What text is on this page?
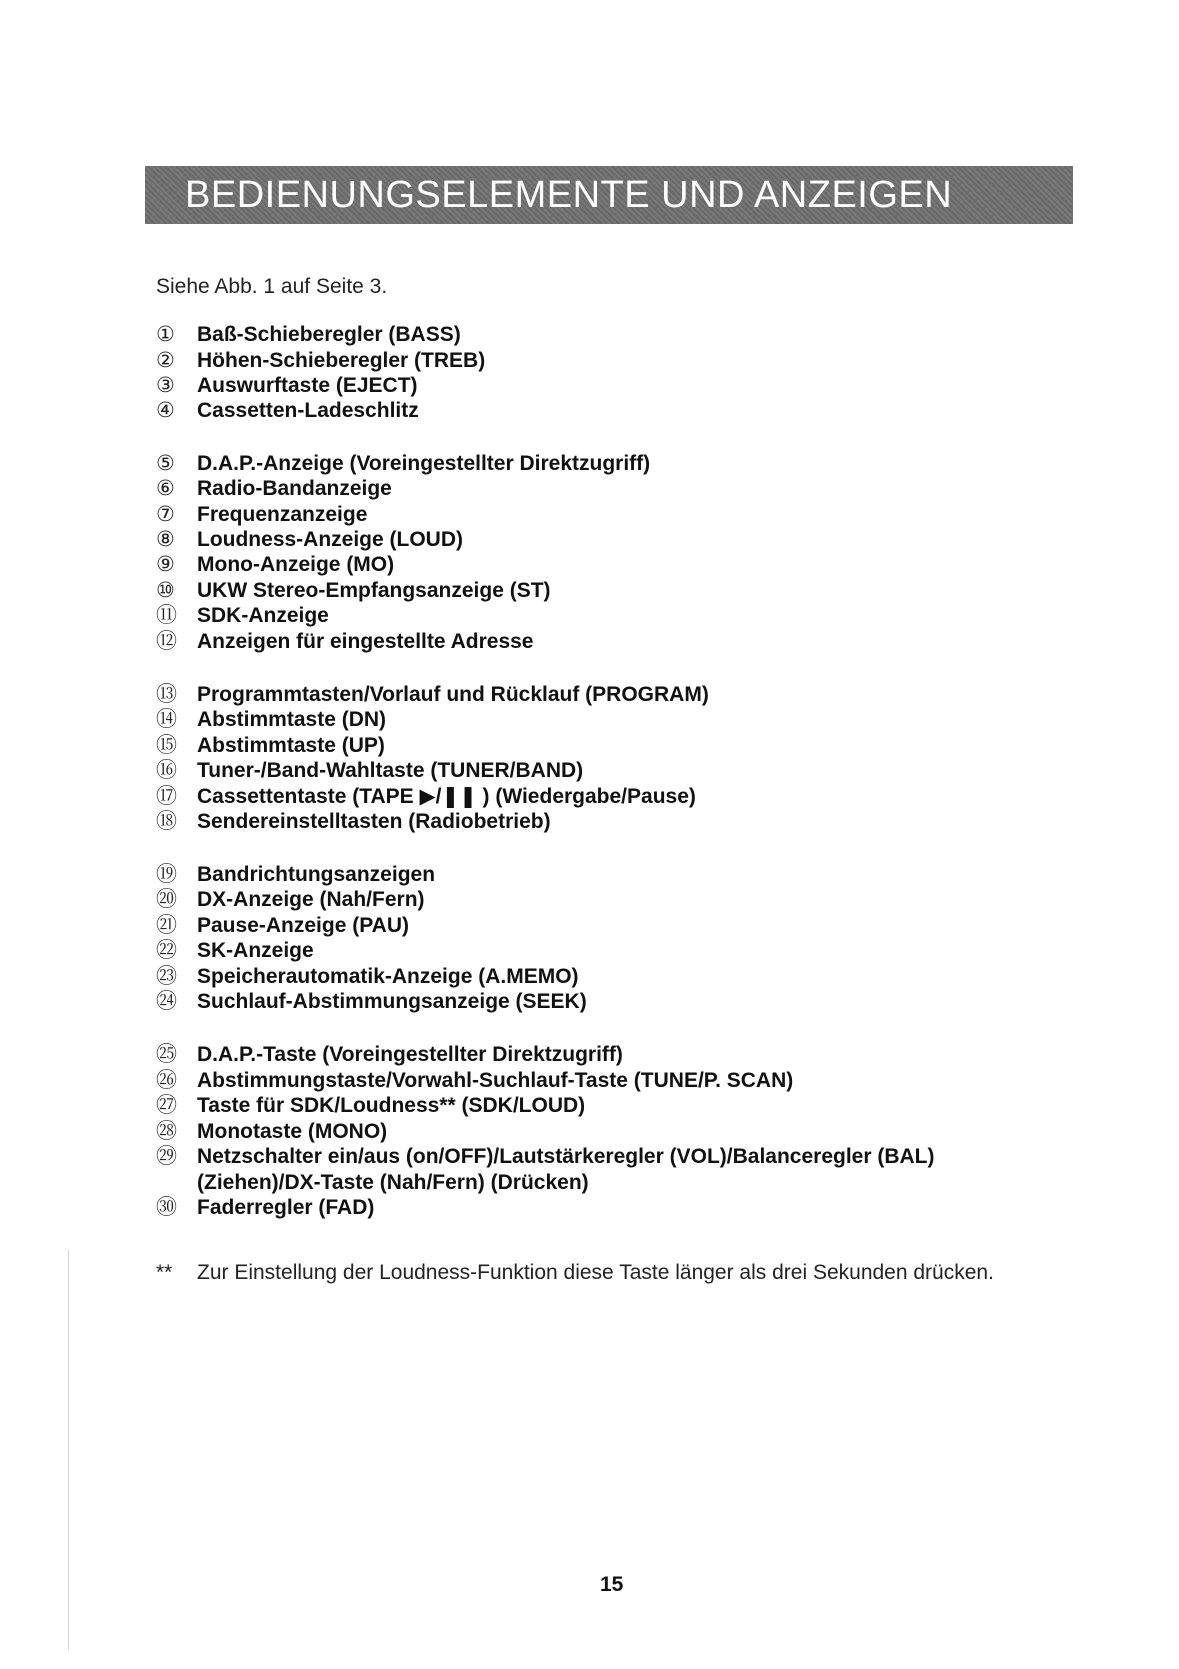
BEDIENUNGSELEMENTE UND ANZEIGEN
Siehe Abb. 1 auf Seite 3.
①	Baß-Schieberegler (BASS)
②	Höhen-Schieberegler (TREB)
③	Auswurftaste (EJECT)
④	Cassetten-Ladeschlitz
⑤	D.A.P.-Anzeige (Voreingestellter Direktzugriff)
⑥	Radio-Bandanzeige
⑦	Frequenzanzeige
⑧	Loudness-Anzeige (LOUD)
⑨	Mono-Anzeige (MO)
⑩	UKW Stereo-Empfangsanzeige (ST)
⑪ SDK-Anzeige
⑫ Anzeigen für eingestellte Adresse
⑬ Programmtasten/Vorlauf und Rücklauf (PROGRAM)
⑭ Abstimmtaste (DN)
⑮ Abstimmtaste (UP)
⑯ Tuner-/Band-Wahltaste (TUNER/BAND)
⑰ Cassettentaste (TAPE ▶/❚❚ ) (Wiedergabe/Pause)
⑱ Sendereinstelltasten (Radiobetrieb)
⑲ Bandrichtungsanzeigen
⑳ DX-Anzeige (Nah/Fern)
㉑ Pause-Anzeige (PAU)
㉒ SK-Anzeige
㉓ Speicherautomatik-Anzeige (A.MEMO)
㉔ Suchlauf-Abstimmungsanzeige (SEEK)
㉕ D.A.P.-Taste (Voreingestellter Direktzugriff)
㉖ Abstimmungstaste/Vorwahl-Suchlauf-Taste (TUNE/P. SCAN)
㉗ Taste für SDK/Loudness** (SDK/LOUD)
㉘ Monotaste (MONO)
㉙ Netzschalter ein/aus (on/OFF)/Lautstärkeregler (VOL)/Balanceregler (BAL)
(Ziehen)/DX-Taste (Nah/Fern) (Drücken)
㉚ Faderregler (FAD)
** Zur Einstellung der Loudness-Funktion diese Taste länger als drei Sekunden drücken.
15
